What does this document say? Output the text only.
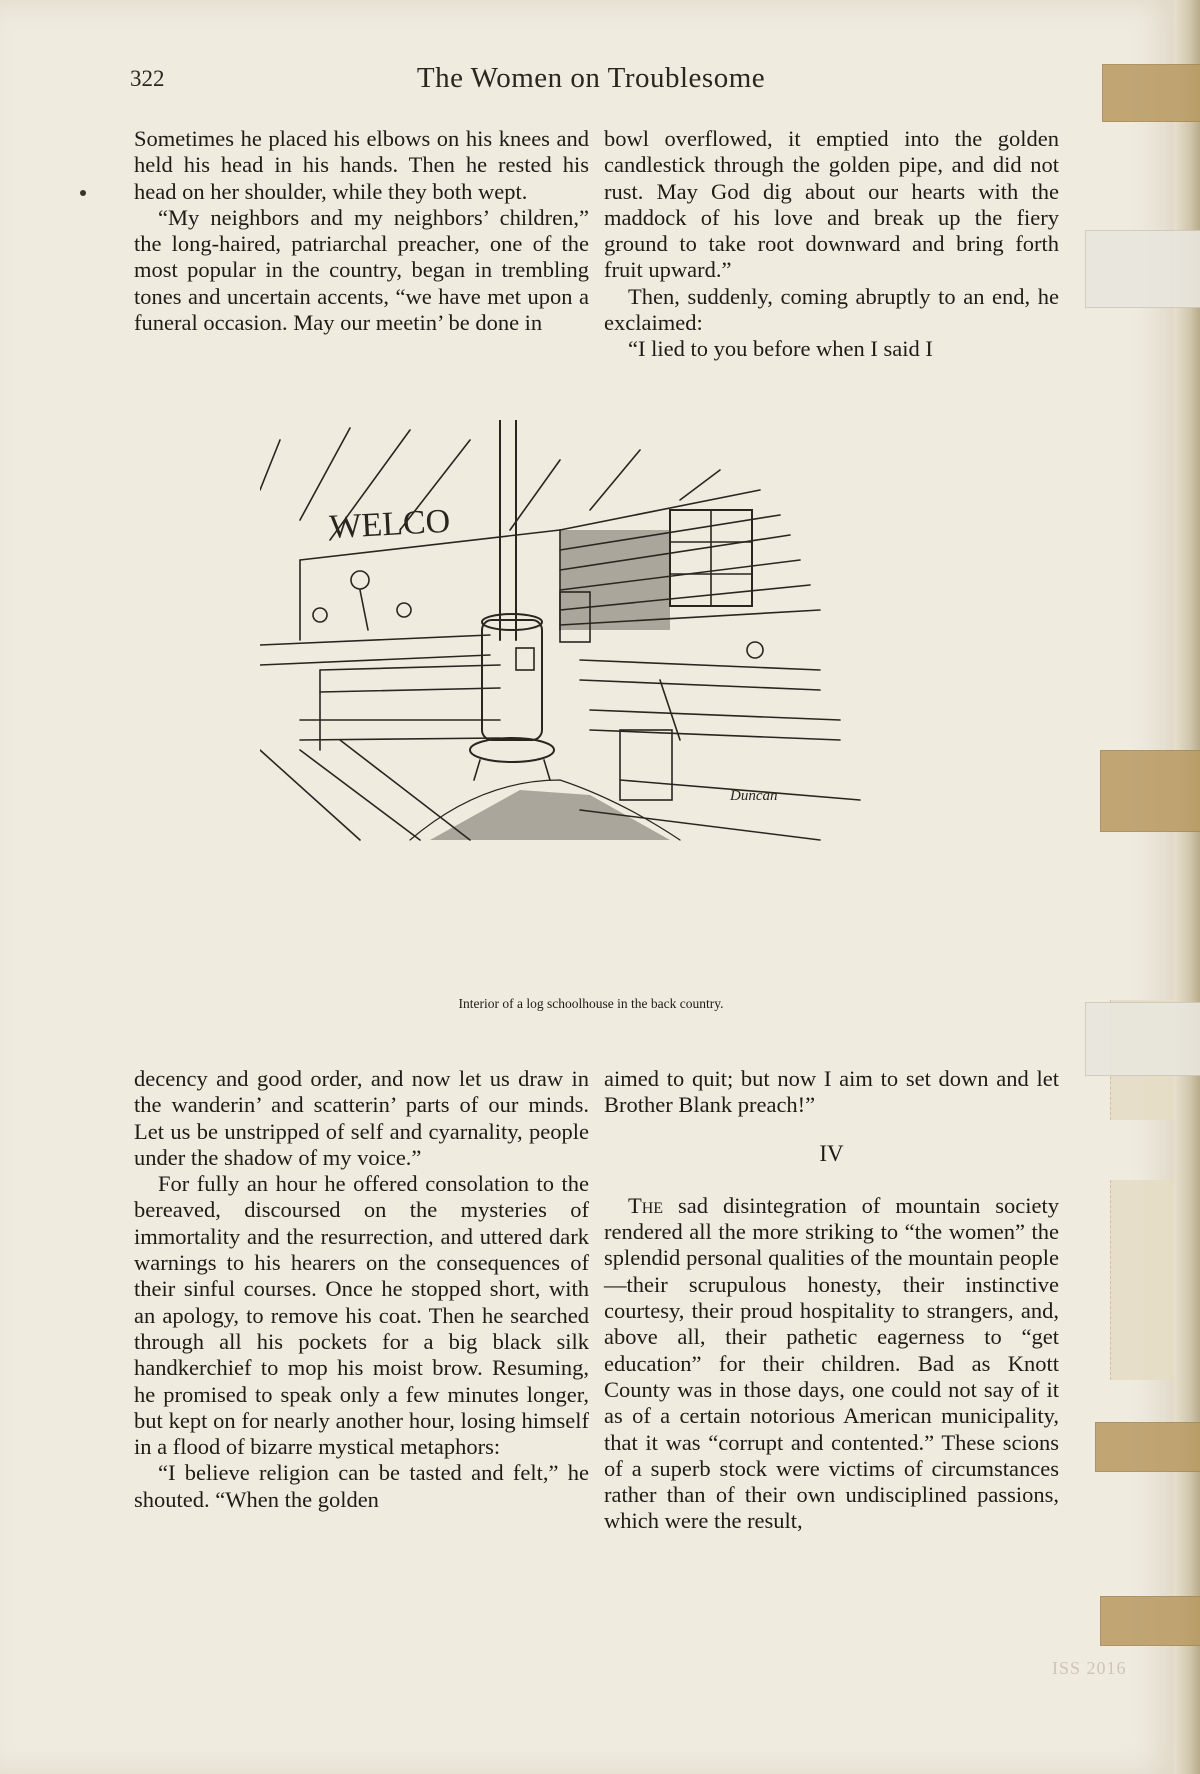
322	The Women on Troublesome

Sometimes he placed his elbows on his knees and held his head in his hands. Then he rested his head on her shoulder, while they both wept.

“My neighbors and my neighbors’ children,” the long-haired, patriarchal preacher, one of the most popular in the country, began in trembling tones and uncertain accents, “we have met upon a funeral occasion. May our meetin’ be done in

bowl overflowed, it emptied into the golden candlestick through the golden pipe, and did not rust. May God dig about our hearts with the maddock of his love and break up the fiery ground to take root downward and bring forth fruit upward.”

Then, suddenly, coming abruptly to an end, he exclaimed:

“I lied to you before when I said I

WELCO
Duncan
Interior of a log schoolhouse in the back country.

decency and good order, and now let us draw in the wanderin’ and scatterin’ parts of our minds. Let us be unstripped of self and cyarnality, people under the shadow of my voice.”

For fully an hour he offered consolation to the bereaved, discoursed on the mysteries of immortality and the resurrection, and uttered dark warnings to his hearers on the consequences of their sinful courses. Once he stopped short, with an apology, to remove his coat. Then he searched through all his pockets for a big black silk handkerchief to mop his moist brow. Resuming, he promised to speak only a few minutes longer, but kept on for nearly another hour, losing himself in a flood of bizarre mystical metaphors:

“I believe religion can be tasted and felt,” he shouted. “When the golden

aimed to quit; but now I aim to set down and let Brother Blank preach!”

IV

The sad disintegration of mountain society rendered all the more striking to “the women” the splendid personal qualities of the mountain people—their scrupulous honesty, their instinctive courtesy, their proud hospitality to strangers, and, above all, their pathetic eagerness to “get education” for their children. Bad as Knott County was in those days, one could not say of it as of a certain notorious American municipality, that it was “corrupt and contented.” These scions of a superb stock were victims of circumstances rather than of their own undisciplined passions, which were the result,

ISS 2016
